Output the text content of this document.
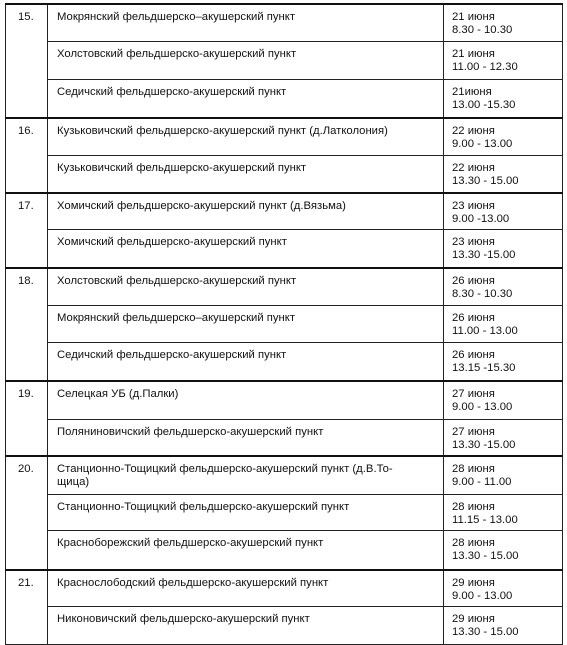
15.	Мокрянский фельдшерско–акушерский пункт	21 июня
8.30 - 10.30

	Холстовский фельдшерско-акушерский пункт	21 июня
11.00 - 12.30

	Седичский фельдшерско-акушерский пункт	21июня
13.00 -15.30

16.	Кузьковичский фельдшерско-акушерский пункт (д.Латколония)	22 июня
9.00 - 13.00

	Кузьковичский фельдшерско-акушерский пункт	22 июня
13.30 - 15.00

17.	Хомичский фельдшерско-акушерский пункт (д.Вязьма)	23 июня
9.00 -13.00

	Хомичский фельдшерско-акушерский пункт	23 июня
13.30 -15.00

18.	Холстовский фельдшерско-акушерский пункт	26 июня
8.30 - 10.30

	Мокрянский фельдшерско–акушерский пункт	26 июня
11.00 - 13.00

	Седичский фельдшерско-акушерский пункт	26 июня
13.15 -15.30

19.	Селецкая УБ (д.Палки)	27 июня
9.00 - 13.00

	Поляниновичский фельдшерско-акушерский пункт	27 июня
13.30 -15.00

20.	Станционно-Тощицкий фельдшерско-акушерский пункт (д.В.То-
щица)	28 июня
9.00 - 11.00

	Станционно-Тощицкий фельдшерско-акушерский пункт	28 июня
11.15 - 13.00

	Красноборежский фельдшерско-акушерский пункт	28 июня
13.30 - 15.00

21.	Краснослободский фельдшерско-акушерский пункт	29 июня
9.00 - 13.00

	Никоновичский фельдшерско-акушерский пункт	29 июня
13.30 - 15.00
